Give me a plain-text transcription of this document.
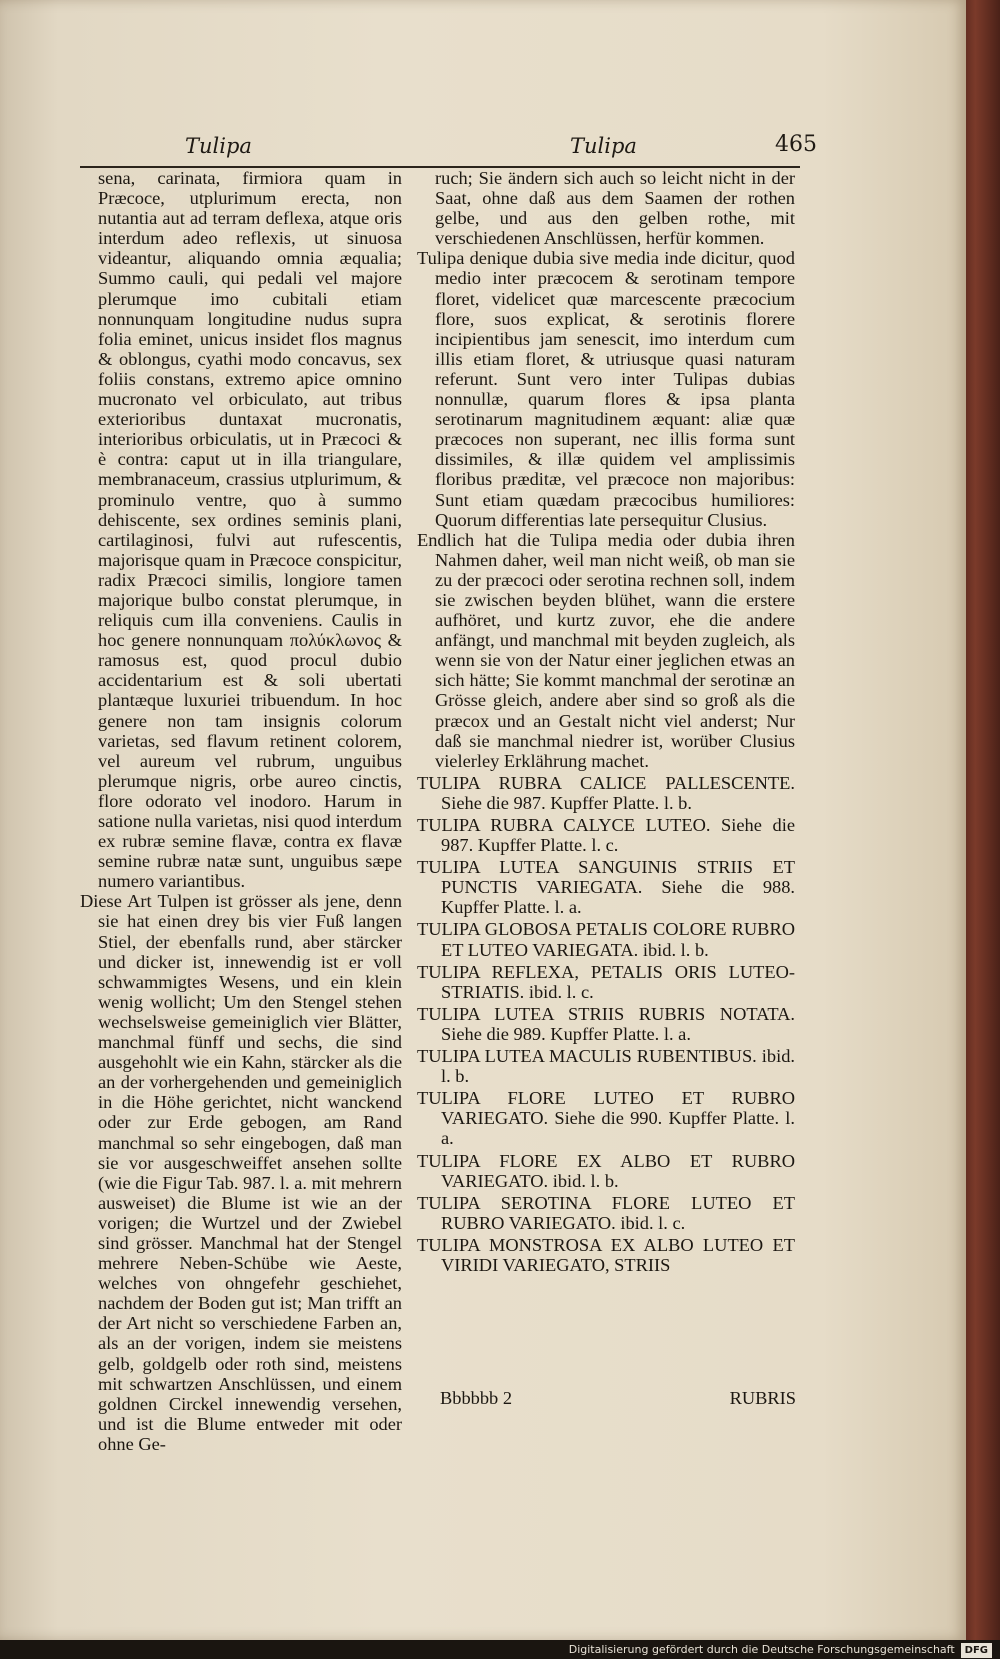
Tulipa	Tulipa	465

sena, carinata, firmiora quam in Præcoce, utplurimum erecta, non nutantia aut ad terram deflexa, atque oris interdum adeo reflexis, ut sinuosa videantur, aliquando omnia æqualia; Summo cauli, qui pedali vel majore plerumque imo cubitali etiam nonnunquam longitudine nudus supra folia eminet, unicus insidet flos magnus & oblongus, cyathi modo concavus, sex foliis constans, extremo apice omnino mucronato vel orbiculato, aut tribus exterioribus duntaxat mucronatis, interioribus orbiculatis, ut in Præcoci & è contra: caput ut in illa triangulare, membranaceum, crassius utplurimum, & prominulo ventre, quo à summo dehiscente, sex ordines seminis plani, cartilaginosi, fulvi aut rufescentis, majorisque quam in Præcoce conspicitur, radix Præcoci similis, longiore tamen majorique bulbo constat plerumque, in reliquis cum illa conveniens. Caulis in hoc genere nonnunquam πολύκλωνος & ramosus est, quod procul dubio accidentarium est & soli ubertati plantæque luxuriei tribuendum. In hoc genere non tam insignis colorum varietas, sed flavum retinent colorem, vel aureum vel rubrum, unguibus plerumque nigris, orbe aureo cinctis, flore odorato vel inodoro. Harum in satione nulla varietas, nisi quod interdum ex rubræ semine flavæ, contra ex flavæ semine rubræ natæ sunt, unguibus sæpe numero variantibus.

Diese Art Tulpen ist grösser als jene, denn sie hat einen drey bis vier Fuß langen Stiel, der ebenfalls rund, aber stärcker und dicker ist, innewendig ist er voll schwammigtes Wesens, und ein klein wenig wollicht; Um den Stengel stehen wechselsweise gemeiniglich vier Blätter, manchmal fünff und sechs, die sind ausgehohlt wie ein Kahn, stärcker als die an der vorhergehenden und gemeiniglich in die Höhe gerichtet, nicht wanckend oder zur Erde gebogen, am Rand manchmal so sehr eingebogen, daß man sie vor ausgeschweiffet ansehen sollte (wie die Figur Tab. 987. l. a. mit mehrern ausweiset) die Blume ist wie an der vorigen; die Wurtzel und der Zwiebel sind grösser. Manchmal hat der Stengel mehrere Neben-Schübe wie Aeste, welches von ohngefehr geschiehet, nachdem der Boden gut ist; Man trifft an der Art nicht so verschiedene Farben an, als an der vorigen, indem sie meistens gelb, goldgelb oder roth sind, meistens mit schwartzen Anschlüssen, und einem goldnen Circkel innewendig versehen, und ist die Blume entweder mit oder ohne Ge-

ruch; Sie ändern sich auch so leicht nicht in der Saat, ohne daß aus dem Saamen der rothen gelbe, und aus den gelben rothe, mit verschiedenen Anschlüssen, herfür kommen.

Tulipa denique dubia sive media inde dicitur, quod medio inter præcocem & serotinam tempore floret, videlicet quæ marcescente præcocium flore, suos explicat, & serotinis florere incipientibus jam senescit, imo interdum cum illis etiam floret, & utriusque quasi naturam referunt. Sunt vero inter Tulipas dubias nonnullæ, quarum flores & ipsa planta serotinarum magnitudinem æquant: aliæ quæ præcoces non superant, nec illis forma sunt dissimiles, & illæ quidem vel amplissimis floribus præditæ, vel præcoce non majoribus: Sunt etiam quædam præcocibus humiliores: Quorum differentias late persequitur Clusius.

Endlich hat die Tulipa media oder dubia ihren Nahmen daher, weil man nicht weiß, ob man sie zu der præcoci oder serotina rechnen soll, indem sie zwischen beyden blühet, wann die erstere aufhöret, und kurtz zuvor, ehe die andere anfängt, und manchmal mit beyden zugleich, als wenn sie von der Natur einer jeglichen etwas an sich hätte; Sie kommt manchmal der serotinæ an Grösse gleich, andere aber sind so groß als die præcox und an Gestalt nicht viel anderst; Nur daß sie manchmal niedrer ist, worüber Clusius vielerley Erklährung machet.

TULIPA RUBRA CALICE PALLESCENTE. Siehe die 987. Kupffer Platte. l. b.

TULIPA RUBRA CALYCE LUTEO. Siehe die 987. Kupffer Platte. l. c.

TULIPA LUTEA SANGUINIS STRIIS ET PUNCTIS VARIEGATA. Siehe die 988. Kupffer Platte. l. a.

TULIPA GLOBOSA PETALIS COLORE RUBRO ET LUTEO VARIEGATA. ibid. l. b.

TULIPA REFLEXA, PETALIS ORIS LUTEO-STRIATIS. ibid. l. c.

TULIPA LUTEA STRIIS RUBRIS NOTATA. Siehe die 989. Kupffer Platte. l. a.

TULIPA LUTEA MACULIS RUBENTIBUS. ibid. l. b.

TULIPA FLORE LUTEO ET RUBRO VARIEGATO. Siehe die 990. Kupffer Platte. l. a.

TULIPA FLORE EX ALBO ET RUBRO VARIEGATO. ibid. l. b.

TULIPA SEROTINA FLORE LUTEO ET RUBRO VARIEGATO. ibid. l. c.

TULIPA MONSTROSA EX ALBO LUTEO ET VIRIDI VARIEGATO, STRIIS

Bbbbbb 2	RUBRIS
Digitalisierung gefördert durch die Deutsche Forschungsgemeinschaft DFG
